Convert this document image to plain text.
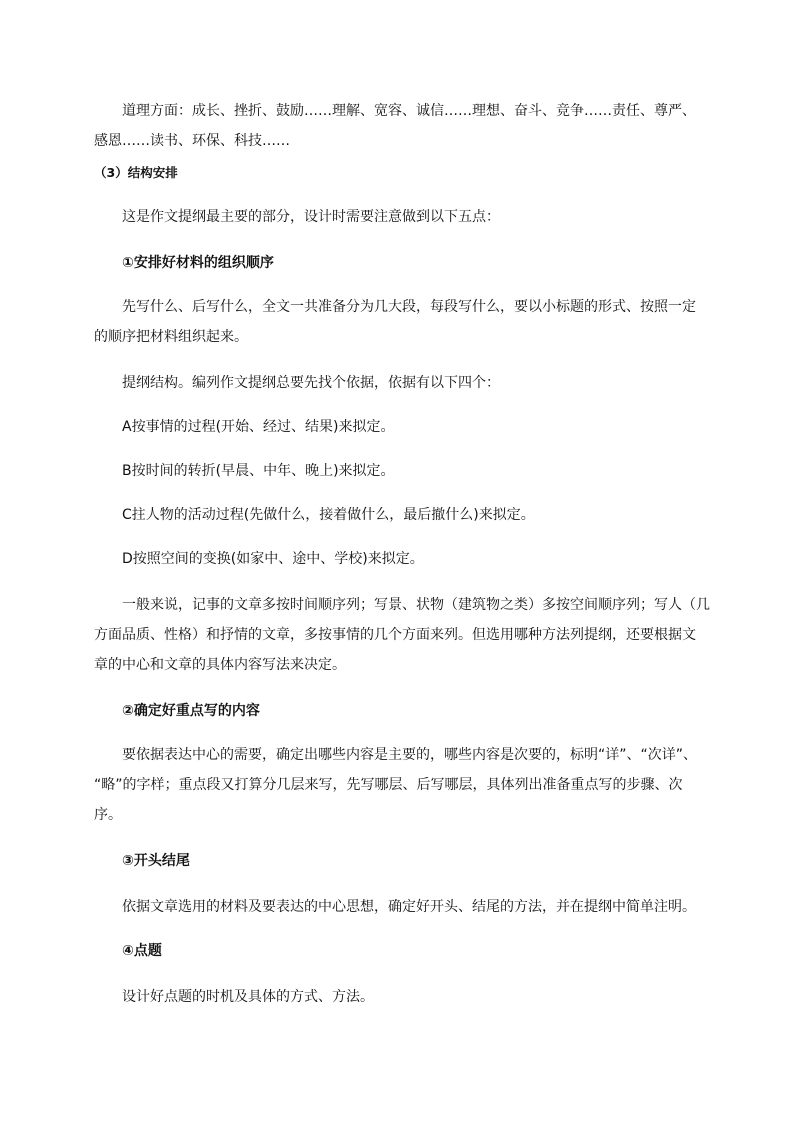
道理方面：成长、挫折、鼓励……理解、宽容、诚信……理想、奋斗、竞争……责任、尊严、
感恩……读书、环保、科技……
（3）结构安排
这是作文提纲最主要的部分，设计时需要注意做到以下五点：
①安排好材料的组织顺序
先写什么、后写什么，全文一共准备分为几大段，每段写什么，要以小标题的形式、按照一定
的顺序把材料组织起来。
提纲结构。编列作文提纲总要先找个依据，依据有以下四个：
A按事情的过程(开始、经过、结果)来拟定。
B按时间的转折(早晨、中年、晚上)来拟定。
C拄人物的活动过程(先做什么，接着做什么，最后撤什么)来拟定。
D按照空间的变换(如家中、途中、学校)来拟定。
一般来说，记事的文章多按时间顺序列；写景、状物（建筑物之类）多按空间顺序列；写人（几
方面品质、性格）和抒情的文章，多按事情的几个方面来列。但选用哪种方法列提纲，还要根据文
章的中心和文章的具体内容写法来决定。
②确定好重点写的内容
要依据表达中心的需要，确定出哪些内容是主要的，哪些内容是次要的，标明“详”、“次详”、
“略”的字样；重点段又打算分几层来写，先写哪层、后写哪层，具体列出准备重点写的步骤、次
序。
③开头结尾
依据文章选用的材料及要表达的中心思想，确定好开头、结尾的方法，并在提纲中简单注明。
④点题
设计好点题的时机及具体的方式、方法。
